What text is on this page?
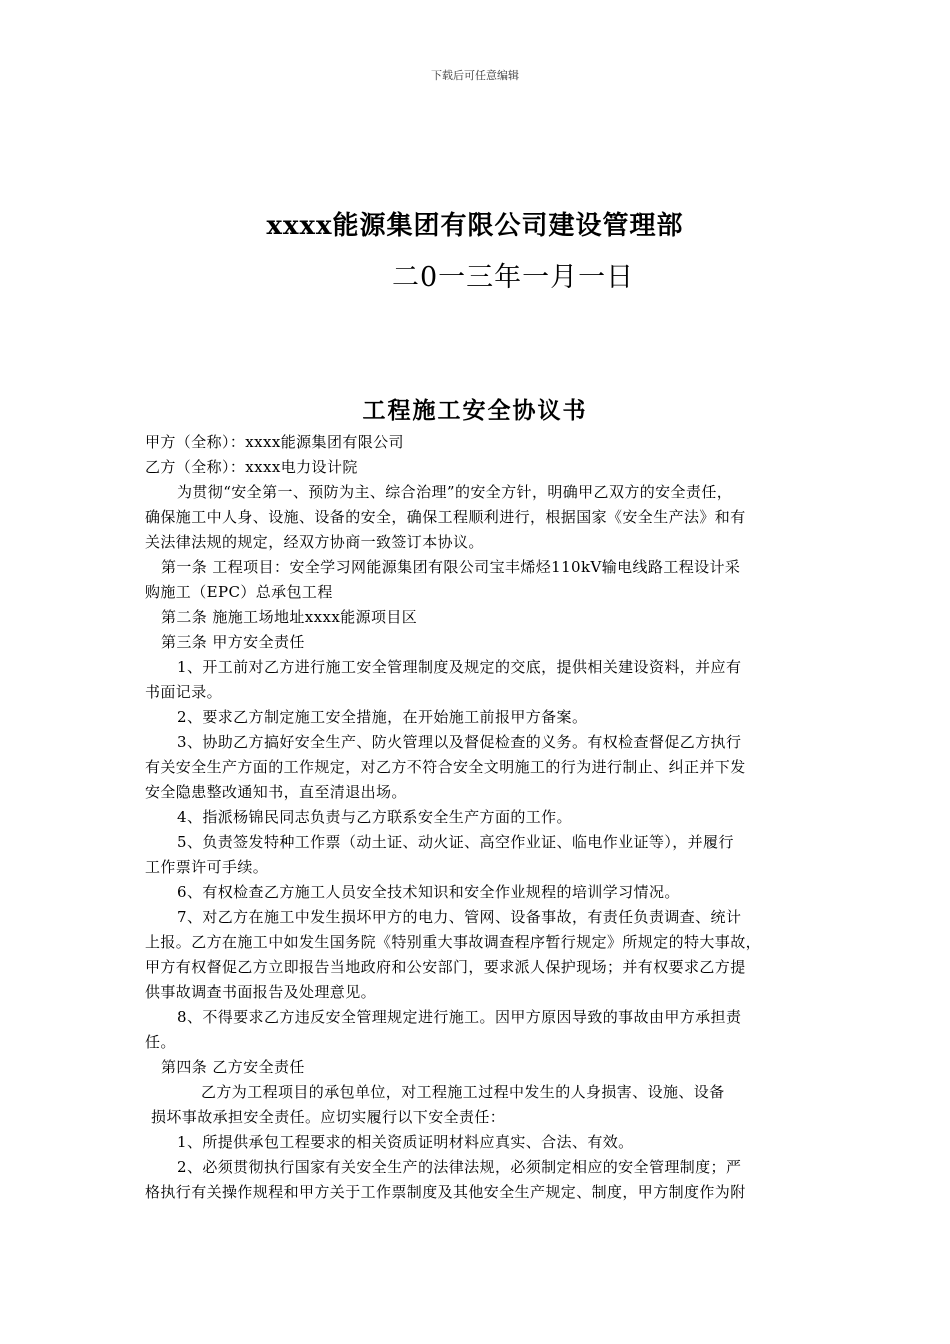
下载后可任意编辑
xxxx能源集团有限公司建设管理部
二0一三年一月一日
工程施工安全协议书
甲方（全称）：xxxx能源集团有限公司
乙方（全称）：xxxx电力设计院
为贯彻“安全第一、预防为主、综合治理”的安全方针，明确甲乙双方的安全责任，
确保施工中人身、设施、设备的安全，确保工程顺利进行，根据国家《安全生产法》和有
关法律法规的规定，经双方协商一致签订本协议。
第一条 工程项目：安全学习网能源集团有限公司宝丰烯烃110kV输电线路工程设计采
购施工（EPC）总承包工程
第二条 施施工场地址xxxx能源项目区
第三条 甲方安全责任
1、开工前对乙方进行施工安全管理制度及规定的交底，提供相关建设资料，并应有
书面记录。
2、要求乙方制定施工安全措施，在开始施工前报甲方备案。
3、协助乙方搞好安全生产、防火管理以及督促检查的义务。有权检查督促乙方执行
有关安全生产方面的工作规定，对乙方不符合安全文明施工的行为进行制止、纠正并下发
安全隐患整改通知书，直至清退出场。
4、指派杨锦民同志负责与乙方联系安全生产方面的工作。
5、负责签发特种工作票（动土证、动火证、高空作业证、临电作业证等），并履行
工作票许可手续。
6、有权检查乙方施工人员安全技术知识和安全作业规程的培训学习情况。
7、对乙方在施工中发生损坏甲方的电力、管网、设备事故，有责任负责调查、统计
上报。乙方在施工中如发生国务院《特别重大事故调查程序暂行规定》所规定的特大事故，
甲方有权督促乙方立即报告当地政府和公安部门，要求派人保护现场；并有权要求乙方提
供事故调查书面报告及处理意见。
8、不得要求乙方违反安全管理规定进行施工。因甲方原因导致的事故由甲方承担责
任。
第四条 乙方安全责任
乙方为工程项目的承包单位，对工程施工过程中发生的人身损害、设施、设备
损坏事故承担安全责任。应切实履行以下安全责任：
1、所提供承包工程要求的相关资质证明材料应真实、合法、有效。
2、必须贯彻执行国家有关安全生产的法律法规，必须制定相应的安全管理制度；严
格执行有关操作规程和甲方关于工作票制度及其他安全生产规定、制度，甲方制度作为附
